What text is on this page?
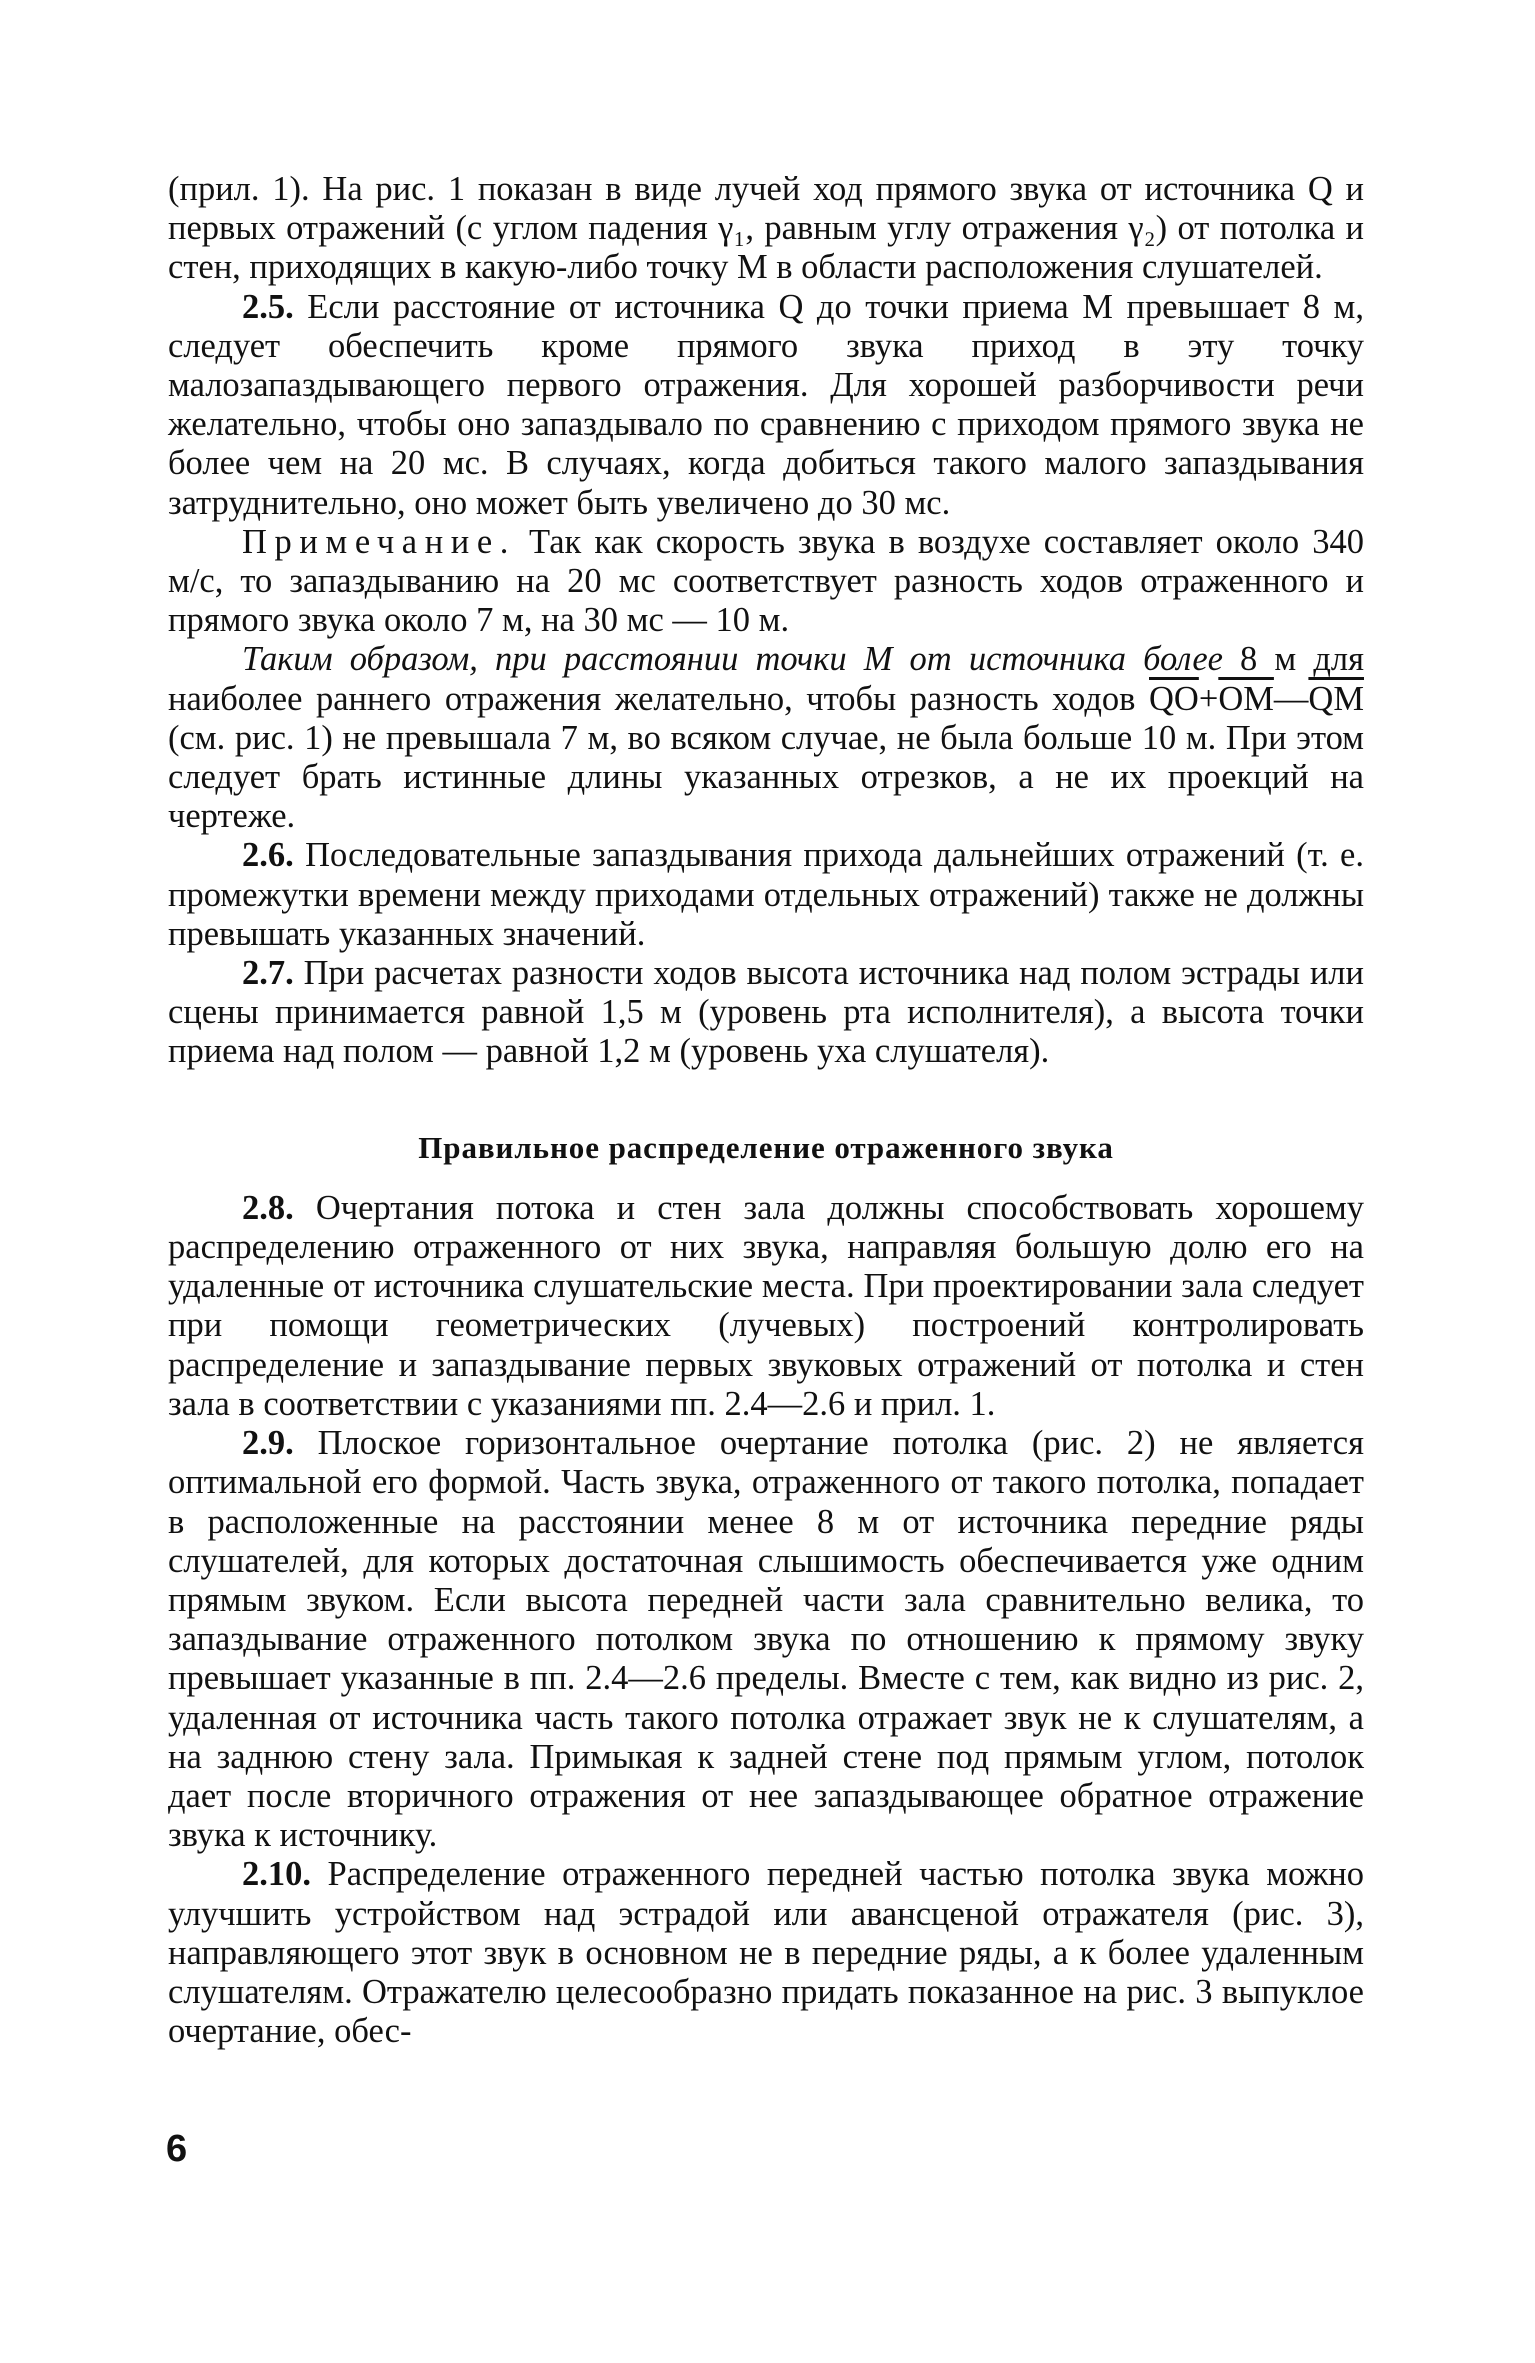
(прил. 1). На рис. 1 показан в виде лучей ход прямого звука от источника Q и первых отражений (с углом падения γ₁, равным углу отражения γ₂) от потолка и стен, приходящих в какую-либо точку M в области расположения слушателей.

2.5. Если расстояние от источника Q до точки приема M превышает 8 м, следует обеспечить кроме прямого звука приход в эту точку малозапаздывающего первого отражения. Для хорошей разборчивости речи желательно, чтобы оно запаздывало по сравнению с приходом прямого звука не более чем на 20 мс. В случаях, когда добиться такого малого запаздывания затруднительно, оно может быть увеличено до 30 мс.

Примечание. Так как скорость звука в воздухе составляет около 340 м/с, то запаздыванию на 20 мс соответствует разность ходов отраженного и прямого звука около 7 м, на 30 мс — 10 м.

Таким образом, при расстоянии точки M от источника более 8 м для наиболее раннего отражения желательно, чтобы разность ходов $\overline{QO}+\overline{OM}—\overline{QM}$ (см. рис. 1) не превышала 7 м, во всяком случае, не была больше 10 м. При этом следует брать истинные длины указанных отрезков, а не их проекций на чертеже.

2.6. Последовательные запаздывания прихода дальнейших отражений (т. е. промежутки времени между приходами отдельных отражений) также не должны превышать указанных значений.

2.7. При расчетах разности ходов высота источника над полом эстрады или сцены принимается равной 1,5 м (уровень рта исполнителя), а высота точки приема над полом — равной 1,2 м (уровень уха слушателя).

Правильное распределение отраженного звука

2.8. Очертания потока и стен зала должны способствовать хорошему распределению отраженного от них звука, направляя большую долю его на удаленные от источника слушательские места. При проектировании зала следует при помощи геометрических (лучевых) построений контролировать распределение и запаздывание первых звуковых отражений от потолка и стен зала в соответствии с указаниями пп. 2.4—2.6 и прил. 1.

2.9. Плоское горизонтальное очертание потолка (рис. 2) не является оптимальной его формой. Часть звука, отраженного от такого потолка, попадает в расположенные на расстоянии менее 8 м от источника передние ряды слушателей, для которых достаточная слышимость обеспечивается уже одним прямым звуком. Если высота передней части зала сравнительно велика, то запаздывание отраженного потолком звука по отношению к прямому звуку превышает указанные в пп. 2.4—2.6 пределы. Вместе с тем, как видно из рис. 2, удаленная от источника часть такого потолка отражает звук не к слушателям, а на заднюю стену зала. Примыкая к задней стене под прямым углом, потолок дает после вторичного отражения от нее запаздывающее обратное отражение звука к источнику.

2.10. Распределение отраженного передней частью потолка звука можно улучшить устройством над эстрадой или авансценой отражателя (рис. 3), направляющего этот звук в основном не в передние ряды, а к более удаленным слушателям. Отражателю целесообразно придать показанное на рис. 3 выпуклое очертание, обес-

6
